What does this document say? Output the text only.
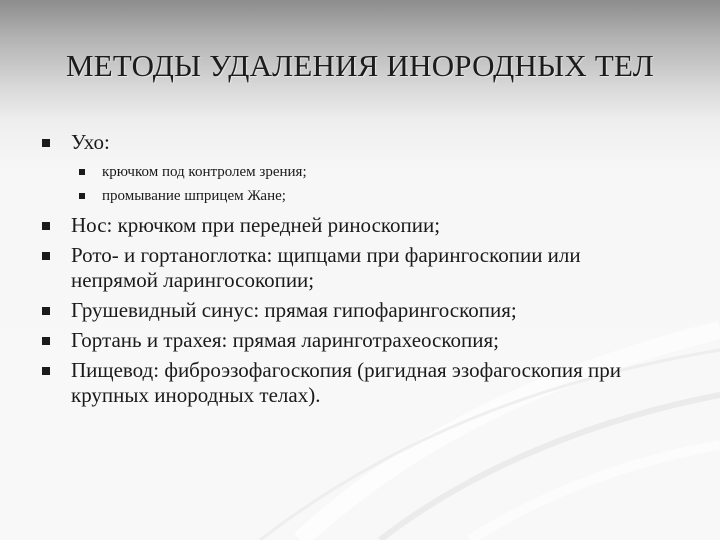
МЕТОДЫ УДАЛЕНИЯ ИНОРОДНЫХ ТЕЛ
Ухо:
крючком под контролем зрения;
промывание шприцем Жане;
Нос: крючком при передней риноскопии;
Рото- и гортаноглотка: щипцами при фарингоскопии или непрямой ларингосокопии;
Грушевидный синус: прямая гипофарингоскопия;
Гортань и трахея: прямая ларинготрахеоскопия;
Пищевод: фиброэзофагоскопия (ригидная эзофагоскопия при крупных инородных телах).
